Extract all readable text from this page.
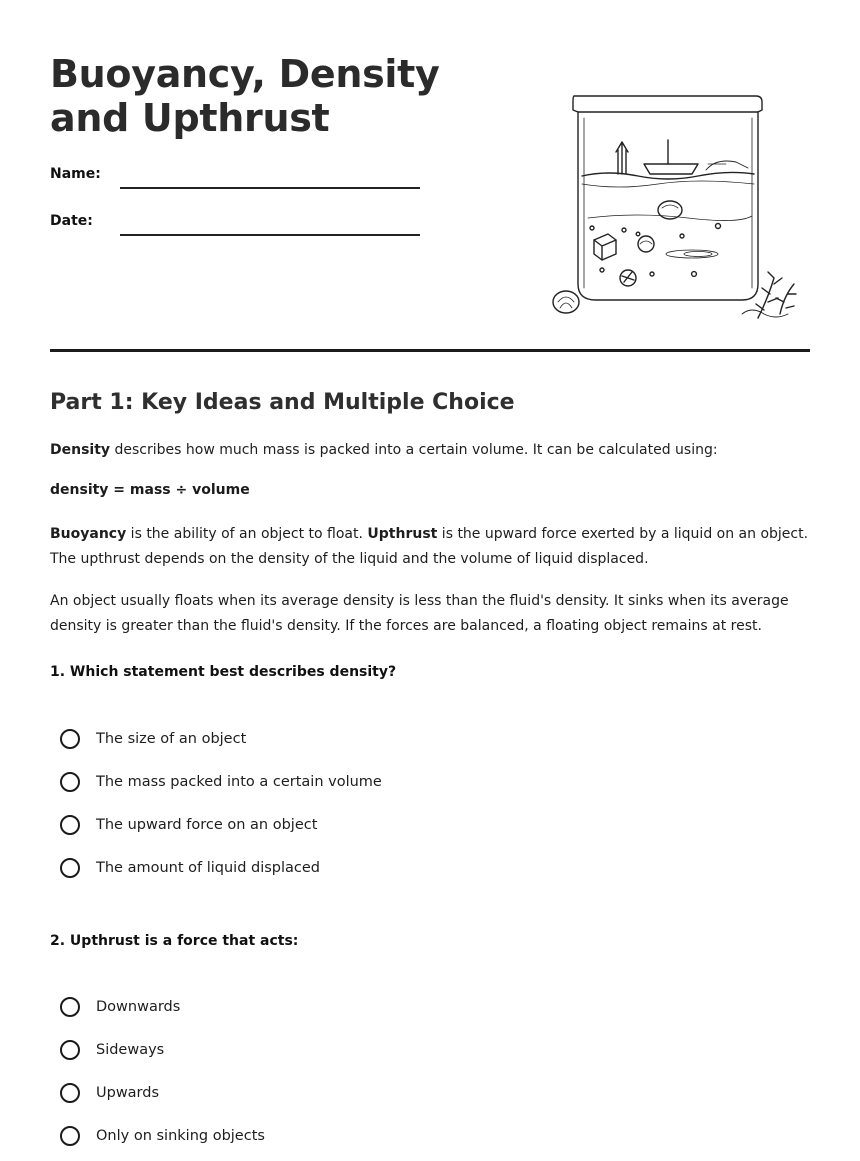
Buoyancy, Density and Upthrust
Name:
Date:
Part 1: Key Ideas and Multiple Choice

Density describes how much mass is packed into a certain volume. It can be calculated using:

density = mass ÷ volume

Buoyancy is the ability of an object to float. Upthrust is the upward force exerted by a liquid on an object. The upthrust depends on the density of the liquid and the volume of liquid displaced.

An object usually floats when its average density is less than the fluid's density. It sinks when its average density is greater than the fluid's density. If the forces are balanced, a floating object remains at rest.

1. Which statement best describes density?
The size of an object
The mass packed into a certain volume
The upward force on an object
The amount of liquid displaced
2. Upthrust is a force that acts:
Downwards
Sideways
Upwards
Only on sinking objects
